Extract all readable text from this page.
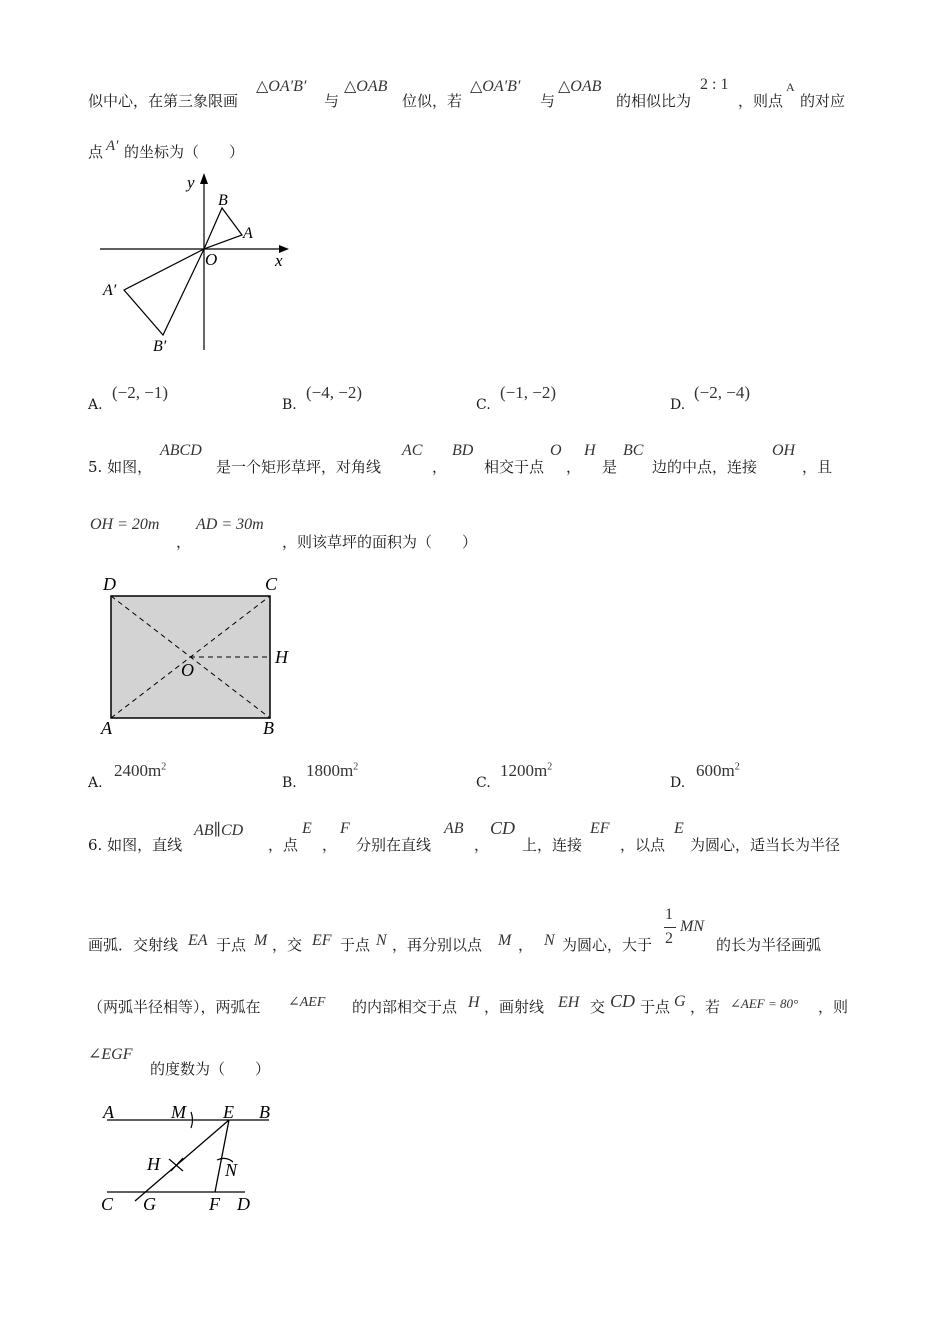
似中心，在第三象限画
△OA′B′
与
△OAB
位似，若
△OA′B′
与
△OAB
的相似比为
2 : 1
，则点
A
的对应
点 A′ 的坐标为（　　）
y
x
O
B
A
A′
B′
A.
(−2, −1)
B.
(−4, −2)
C.
(−1, −2)
D.
(−2, −4)
5. 如图，
ABCD
是一个矩形草坪，对角线
AC
，
BD
相交于点
O
，
H
是
BC
边的中点，连接
OH
，且
OH = 20m
，
AD = 30m
，则该草坪的面积为（　　）
D	C
H
O
A	B
A.
$2400m^2$
B.
$1800m^2$
C.
$1200m^2$
D.
$600m^2$
6. 如图，直线
AB∥CD
，点
E
，
F
分别在直线
AB
，
CD
上，连接
EF
，以点
E
为圆心，适当长为半径
画弧．交射线 EA 于点 M ，交 EF 于点 N ，再分别以点 M ， N 为圆心，大于
1
2
MN
的长为半径画弧
（两弧半径相等），两弧在 ∠AEF 的内部相交于点 H ，画射线 EH 交 CD 于点 G ，若 ∠AEF = 80° ，则
∠EGF
的度数为（　　）
A	M E B
H	N
C G	F D
